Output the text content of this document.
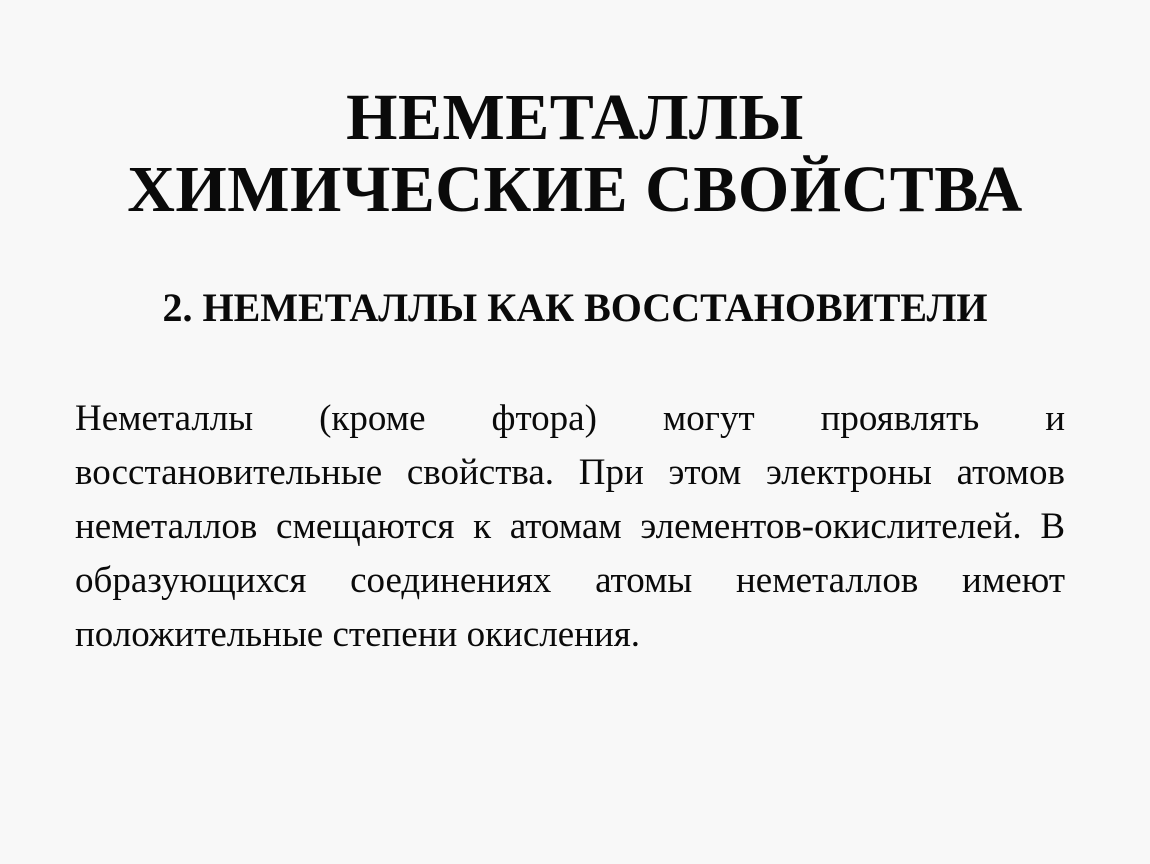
НЕМЕТАЛЛЫ
ХИМИЧЕСКИЕ СВОЙСТВА
2. НЕМЕТАЛЛЫ КАК ВОССТАНОВИТЕЛИ
Неметаллы (кроме фтора) могут проявлять и восстановительные свойства. При этом электроны атомов неметаллов смещаются к атомам элементов-окислителей. В образующихся соединениях атомы неметаллов имеют положительные степени окисления.
